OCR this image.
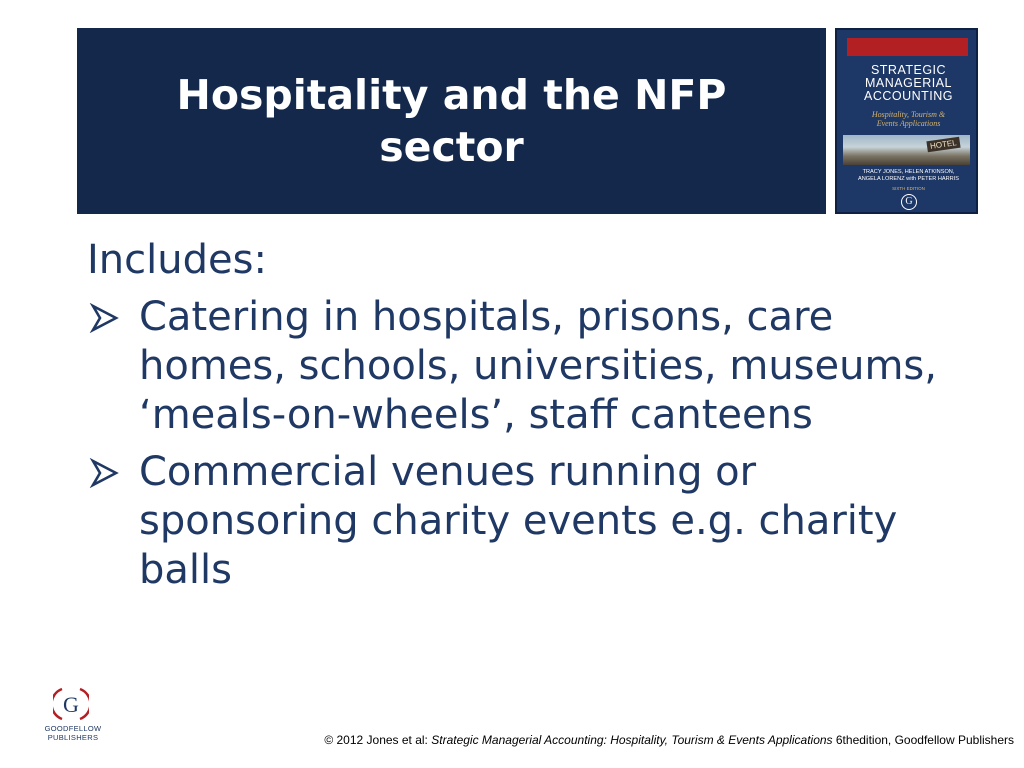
Hospitality and the NFP sector
STRATEGIC
MANAGERIAL
ACCOUNTING
Hospitality, Tourism &
Events Applications
HOTEL
TRACY JONES, HELEN ATKINSON,
ANGELA LORENZ with PETER HARRIS
SIXTH EDITION
G

Includes:

Catering in hospitals, prisons, care homes, schools, universities, museums, ‘meals-on-wheels’, staff canteens
Commercial venues running or sponsoring charity events e.g. charity balls
G
GOODFELLOW
PUBLISHERS	© 2012 Jones et al: Strategic Managerial Accounting: Hospitality, Tourism & Events Applications 6thedition, Goodfellow Publishers
